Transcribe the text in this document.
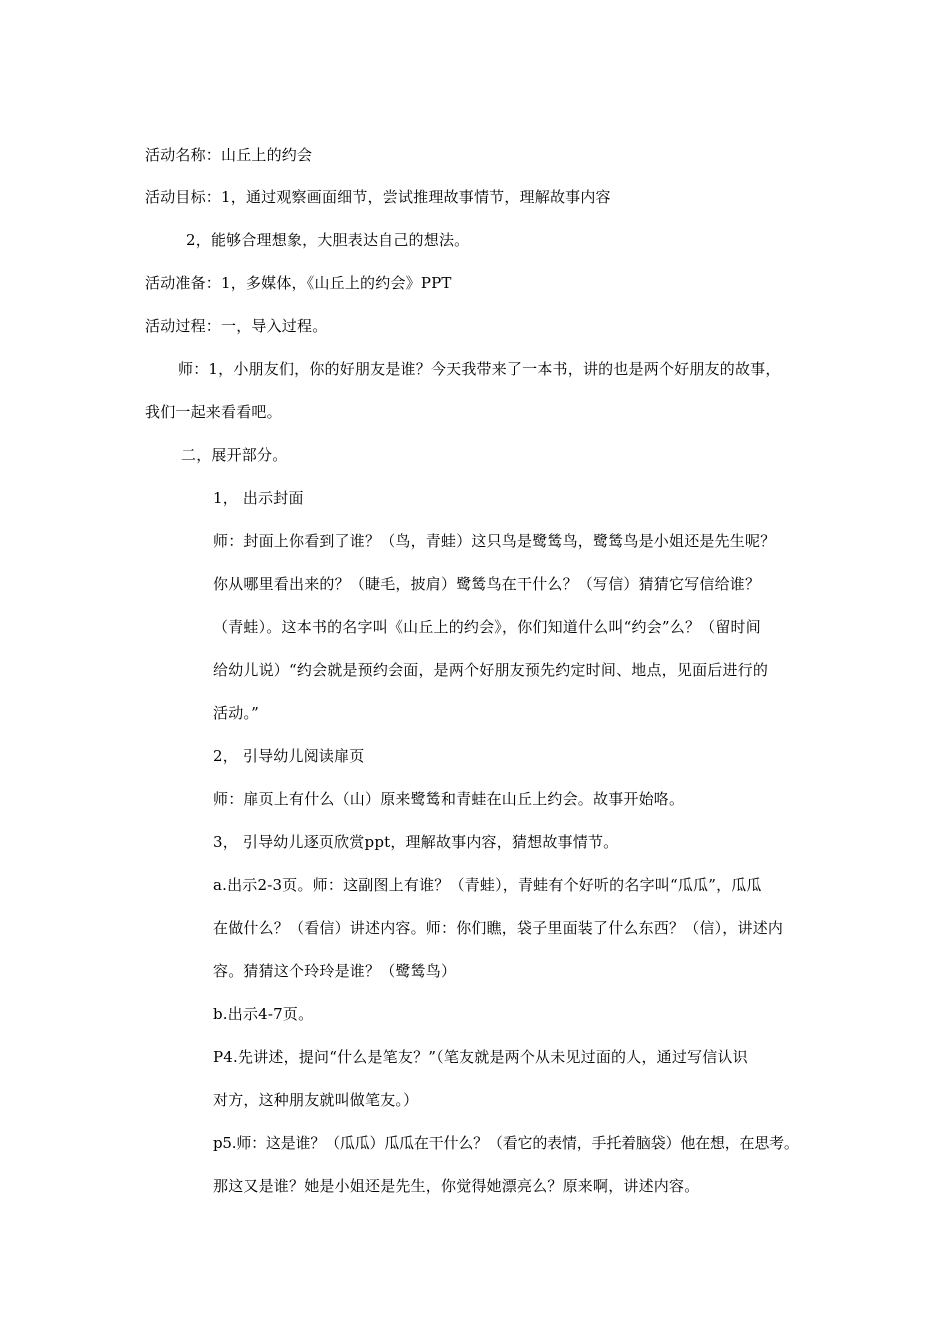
活动名称：山丘上的约会
活动目标：1，通过观察画面细节，尝试推理故事情节，理解故事内容
2，能够合理想象，大胆表达自己的想法。
活动准备：1，多媒体，《山丘上的约会》PPT
活动过程：一，导入过程。
师：1，小朋友们，你的好朋友是谁？今天我带来了一本书，讲的也是两个好朋友的故事，
我们一起来看看吧。
二，展开部分。
1， 出示封面
师：封面上你看到了谁？（鸟，青蛙）这只鸟是鹭鸶鸟，鹭鸶鸟是小姐还是先生呢？
你从哪里看出来的？（睫毛，披肩）鹭鸶鸟在干什么？（写信）猜猜它写信给谁？
（青蛙）。这本书的名字叫《山丘上的约会》，你们知道什么叫“约会”么？（留时间
给幼儿说）“约会就是预约会面，是两个好朋友预先约定时间、地点，见面后进行的
活动。”
2， 引导幼儿阅读扉页
师：扉页上有什么（山）原来鹭鸶和青蛙在山丘上约会。故事开始咯。
3， 引导幼儿逐页欣赏ppt，理解故事内容，猜想故事情节。
a.出示2-3页。师：这副图上有谁？（青蛙），青蛙有个好听的名字叫“瓜瓜”，瓜瓜
在做什么？（看信）讲述内容。师：你们瞧，袋子里面装了什么东西？（信），讲述内
容。猜猜这个玲玲是谁？（鹭鸶鸟）
b.出示4-7页。
P4.先讲述，提问“什么是笔友？”（笔友就是两个从未见过面的人，通过写信认识
对方，这种朋友就叫做笔友。）
p5.师：这是谁？（瓜瓜）瓜瓜在干什么？（看它的表情，手托着脑袋）他在想，在思考。
那这又是谁？她是小姐还是先生，你觉得她漂亮么？原来啊，讲述内容。
